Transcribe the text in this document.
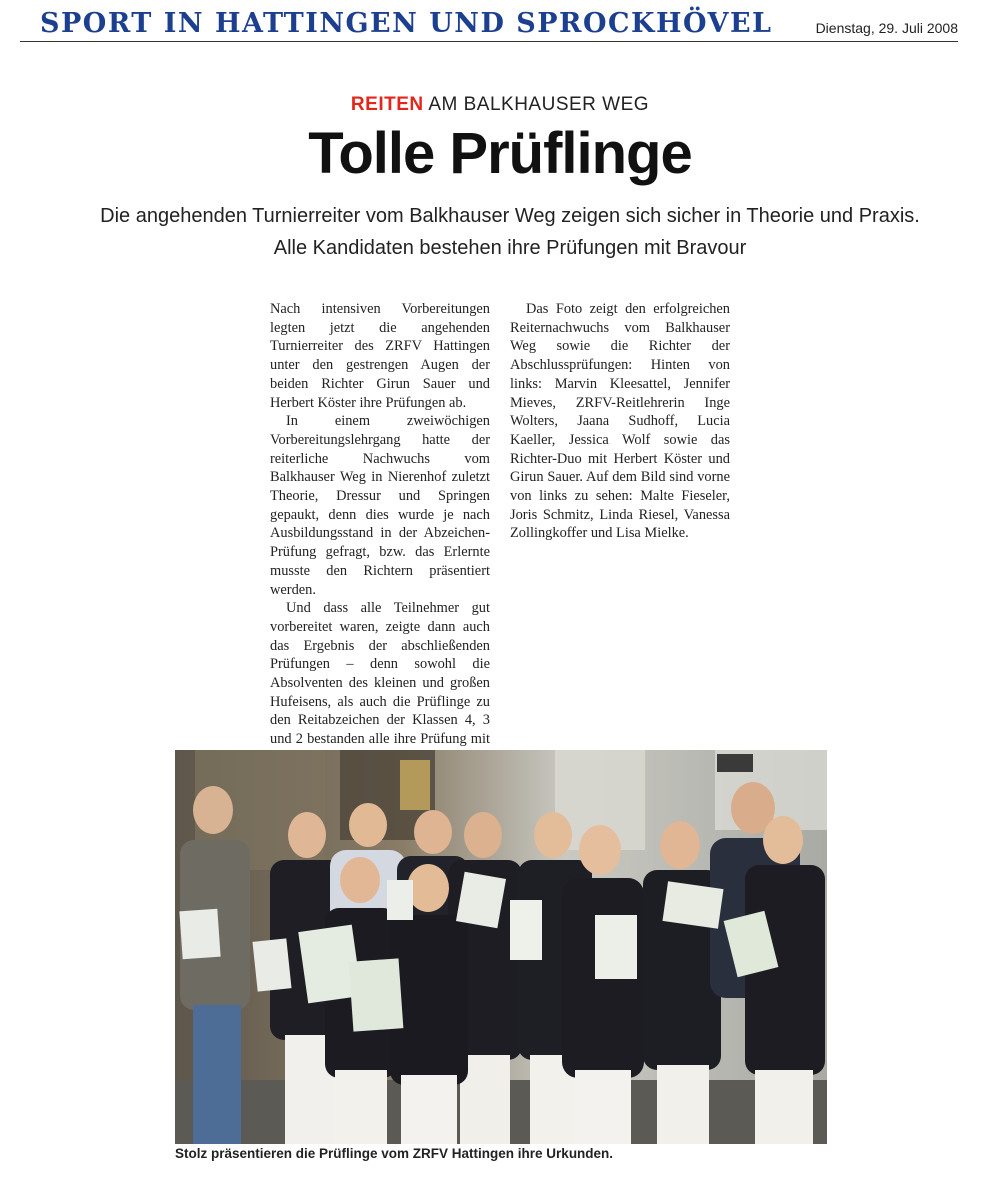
SPORT IN HATTINGEN UND SPROCKHÖVEL	Dienstag, 29. Juli 2008
REITEN AM BALKHAUSER WEG
Tolle Prüflinge
Die angehenden Turnierreiter vom Balkhauser Weg zeigen sich sicher in Theorie und Praxis.
Alle Kandidaten bestehen ihre Prüfungen mit Bravour

Nach intensiven Vorbereitungen legten jetzt die angehenden Turnierreiter des ZRFV Hattingen unter den gestrengen Augen der beiden Richter Girun Sauer und Herbert Köster ihre Prüfungen ab.

In einem zweiwöchigen Vorbereitungslehrgang hatte der reiterliche Nachwuchs vom Balkhauser Weg in Nierenhof zuletzt Theorie, Dressur und Springen gepaukt, denn dies wurde je nach Ausbildungsstand in der Abzeichen-Prüfung gefragt, bzw. das Erlernte musste den Richtern präsentiert werden.

Und dass alle Teilnehmer gut vorbereitet waren, zeigte dann auch das Ergebnis der abschließenden Prüfungen – denn sowohl die Absolventen des kleinen und großen Hufeisens, als auch die Prüflinge zu den Reitabzeichen der Klassen 4, 3 und 2 bestanden alle ihre Prüfung mit

Das Foto zeigt den erfolgreichen Reiternachwuchs vom Balkhauser Weg sowie die Richter der Abschlussprüfungen: Hinten von links: Marvin Kleesattel, Jennifer Mieves, ZRFV-Reitlehrerin Inge Wolters, Jaana Sudhoff, Lucia Kaeller, Jessica Wolf sowie das Richter-Duo mit Herbert Köster und Girun Sauer. Auf dem Bild sind vorne von links zu sehen: Malte Fieseler, Joris Schmitz, Linda Riesel, Vanessa Zollingkoffer und Lisa Mielke.

Stolz präsentieren die Prüflinge vom ZRFV Hattingen ihre Urkunden.
